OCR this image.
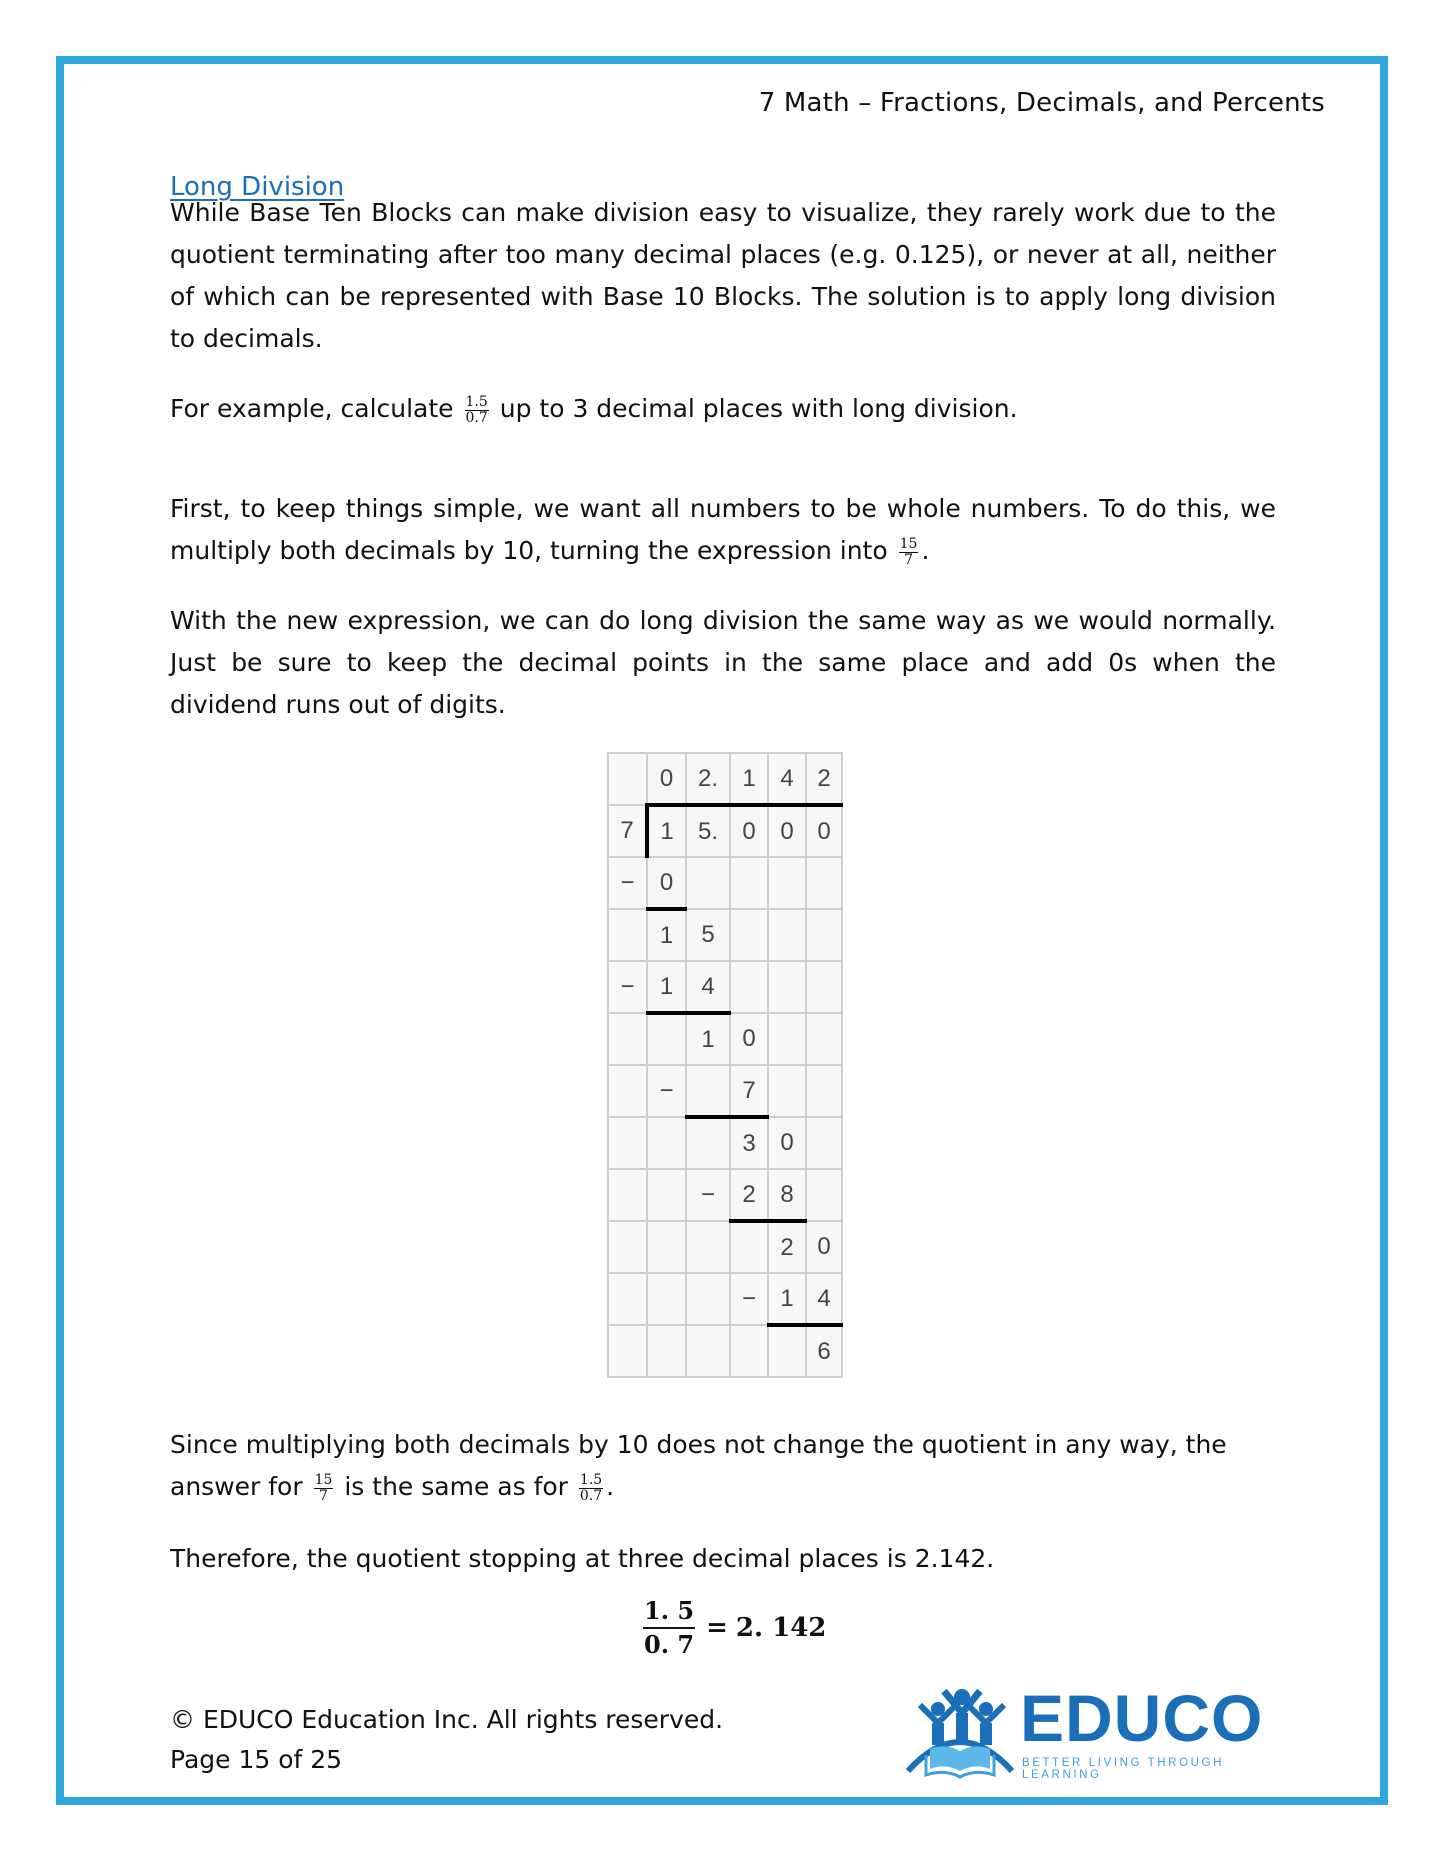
7 Math – Fractions, Decimals, and Percents
Long Division
While Base Ten Blocks can make division easy to visualize, they rarely work due to the quotient terminating after too many decimal places (e.g. 0.125), or never at all, neither of which can be represented with Base 10 Blocks. The solution is to apply long division to decimals.
For example, calculate $\frac{1.5}{0.7}$ up to 3 decimal places with long division.
First, to keep things simple, we want all numbers to be whole numbers. To do this, we multiply both decimals by 10, turning the expression into $\frac{15}{7}$ .
With the new expression, we can do long division the same way as we would normally. Just be sure to keep the decimal points in the same place and add 0s when the dividend runs out of digits.
	0	2.	1	4	2
7	1	5.	0	0	0
−	0				
	1	5			
−	1	4			
		1	0		
	−		7		
			3	0	
		−	2	8	
				2	0
			−	1	4
					6
Since multiplying both decimals by 10 does not change the quotient in any way, the
answer for $\frac{15}{7}$ is the same as for $\frac{1.5}{0.7}$ .
Therefore, the quotient stopping at three decimal places is 2.142.
$\frac{1. 5}{0. 7} = 2$. 142
© EDUCO Education Inc. All rights reserved.
Page 15 of 25
EDUCO
BETTER LIVING THROUGH LEARNING
